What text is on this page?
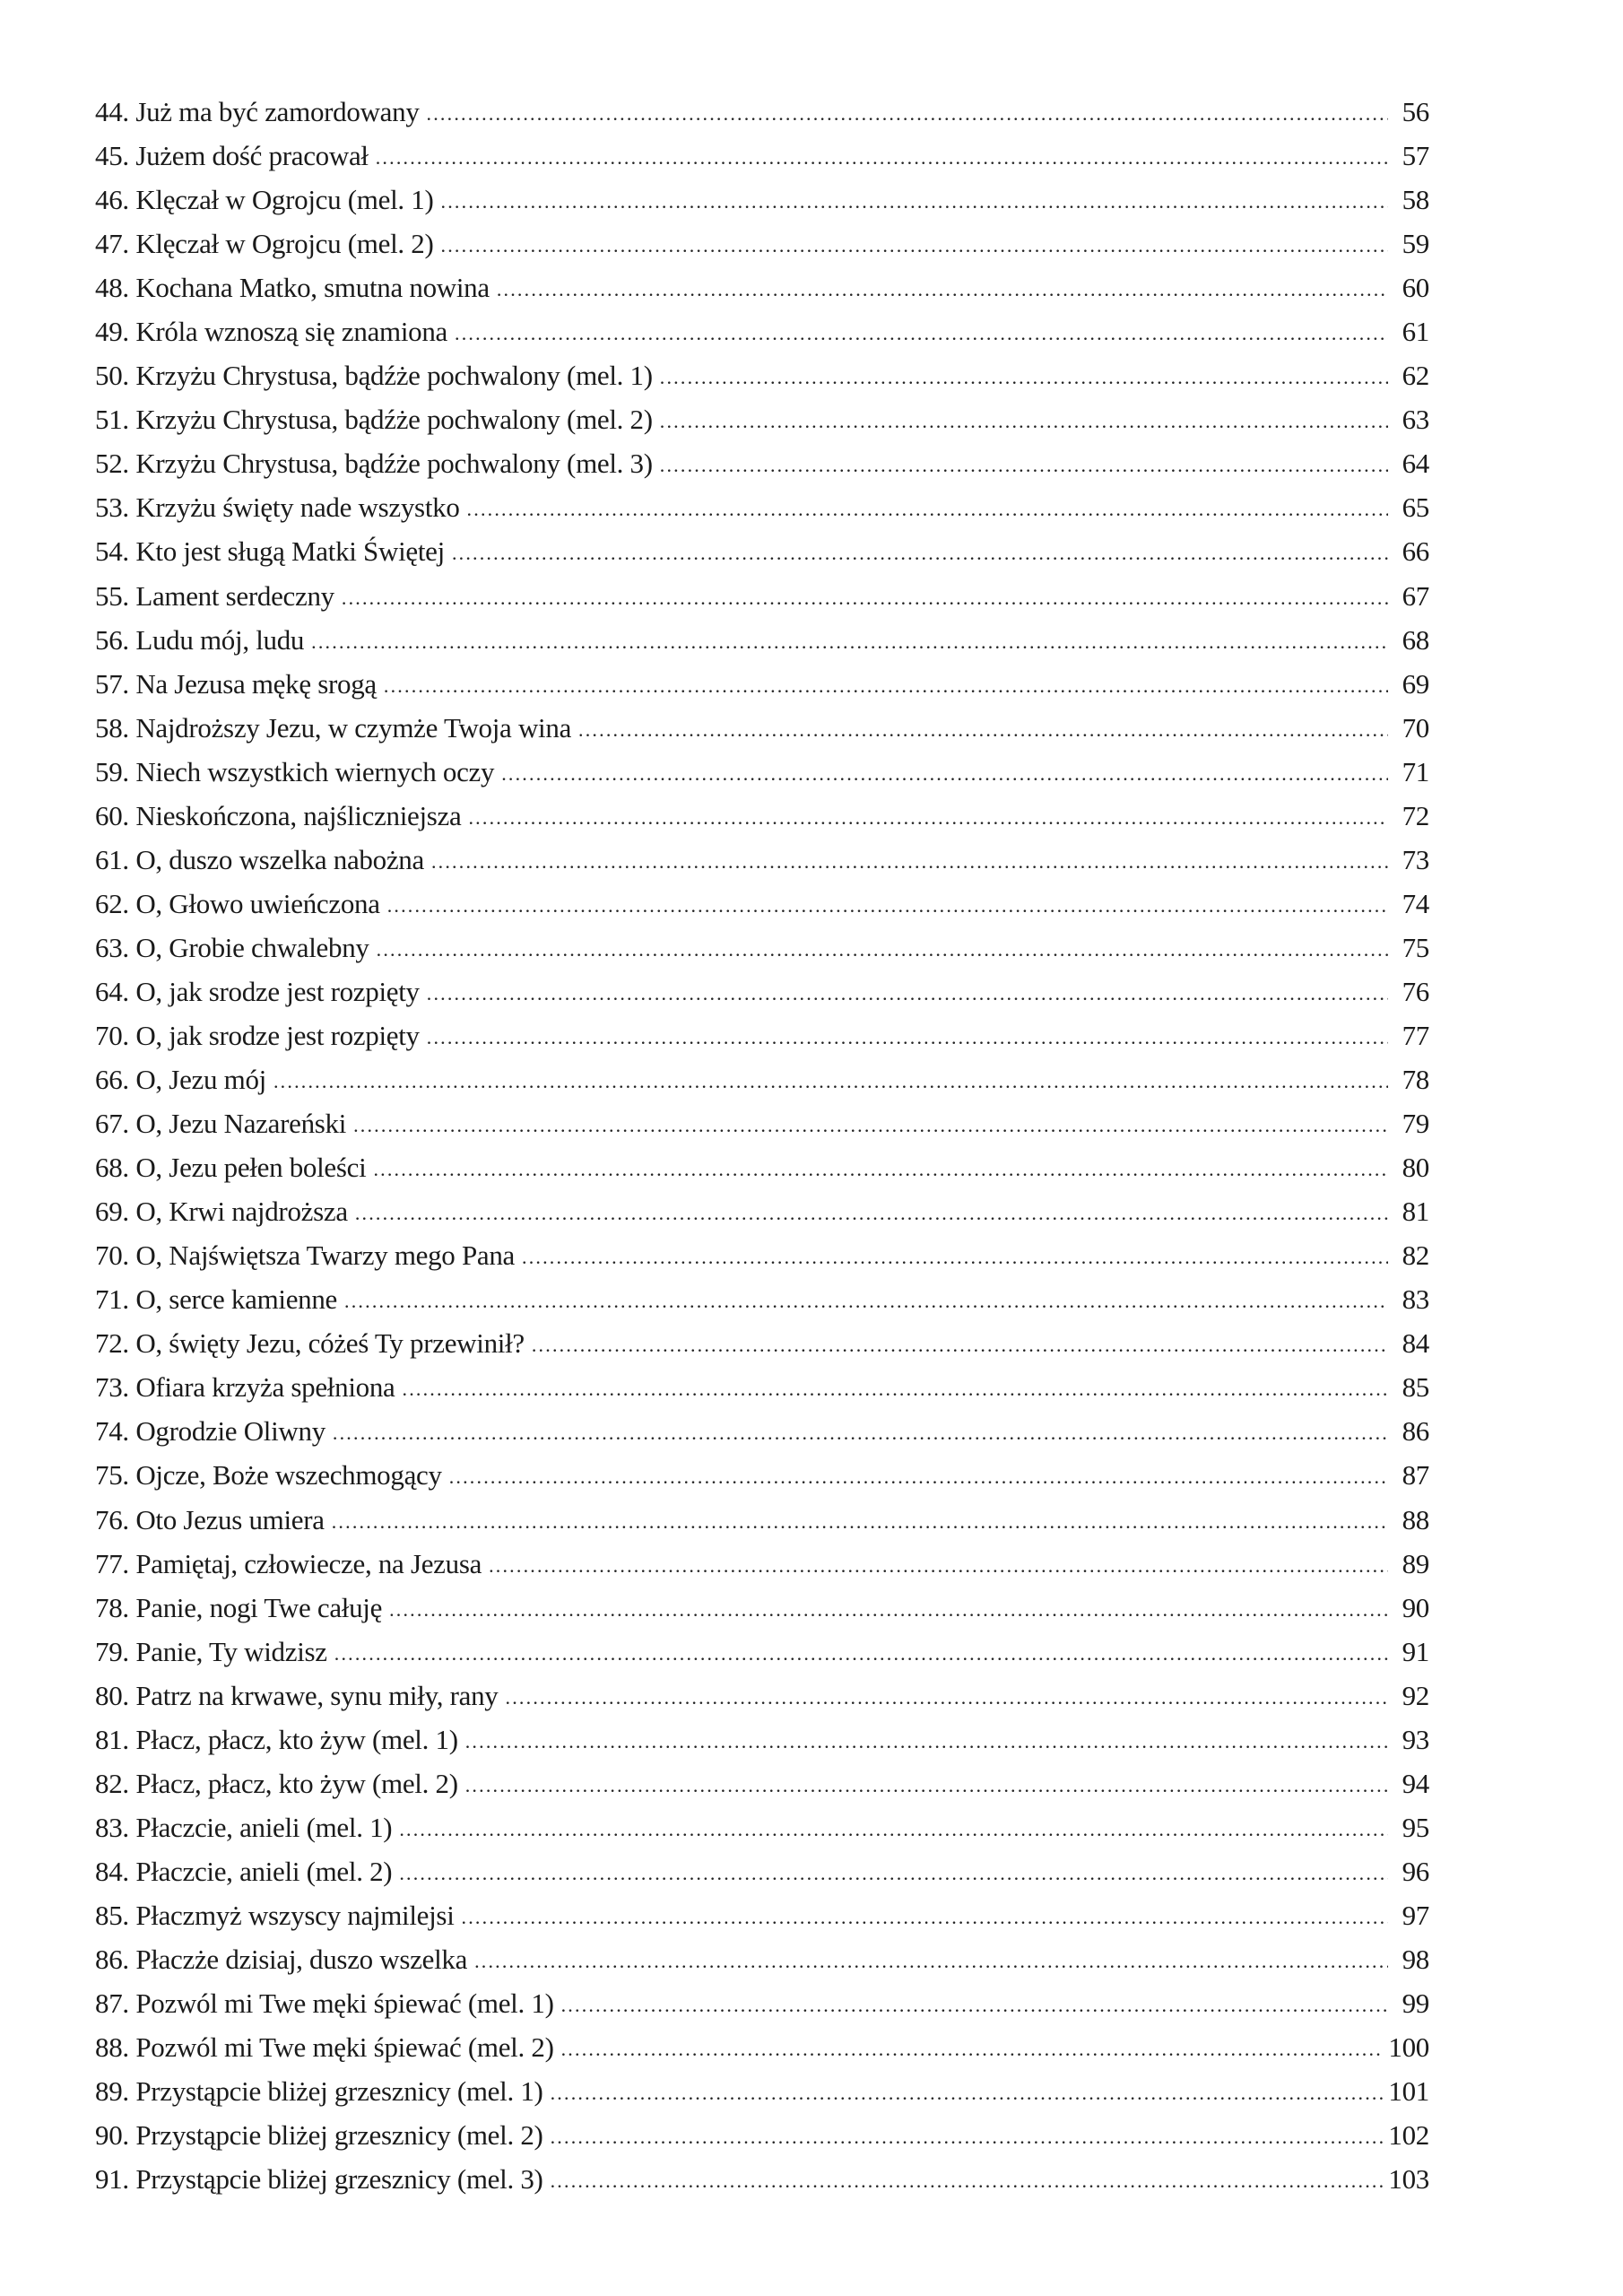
44. Już ma być zamordowany .....	56
45. Jużem dość pracował .....	57
46. Klęczał w Ogrojcu (mel. 1) .....	58
47. Klęczał w Ogrojcu (mel. 2) .....	59
48. Kochana Matko, smutna nowina .....	60
49. Króla wznoszą się znamiona .....	61
50. Krzyżu Chrystusa, bądźże pochwalony (mel. 1) .....	62
51. Krzyżu Chrystusa, bądźże pochwalony (mel. 2) .....	63
52. Krzyżu Chrystusa, bądźże pochwalony (mel. 3) .....	64
53. Krzyżu święty nade wszystko .....	65
54. Kto jest sługą Matki Świętej .....	66
55. Lament serdeczny .....	67
56. Ludu mój, ludu .....	68
57. Na Jezusa mękę srogą .....	69
58. Najdroższy Jezu, w czymże Twoja wina .....	70
59. Niech wszystkich wiernych oczy .....	71
60. Nieskończona, najśliczniejsza .....	72
61. O, duszo wszelka nabożna .....	73
62. O, Głowo uwieńczona .....	74
63. O, Grobie chwalebny .....	75
64. O, jak srodze jest rozpięty .....	76
70. O, jak srodze jest rozpięty .....	77
66. O, Jezu mój .....	78
67. O, Jezu Nazareński .....	79
68. O, Jezu pełen boleści .....	80
69. O, Krwi najdroższa .....	81
70. O, Najświętsza Twarzy mego Pana .....	82
71. O, serce kamienne .....	83
72. O, święty Jezu, cóżeś Ty przewinił? .....	84
73. Ofiara krzyża spełniona .....	85
74. Ogrodzie Oliwny .....	86
75. Ojcze, Boże wszechmogący .....	87
76. Oto Jezus umiera .....	88
77. Pamiętaj, człowiecze, na Jezusa .....	89
78. Panie, nogi Twe całuję .....	90
79. Panie, Ty widzisz .....	91
80. Patrz na krwawe, synu miły, rany .....	92
81. Płacz, płacz, kto żyw (mel. 1) .....	93
82. Płacz, płacz, kto żyw (mel. 2) .....	94
83. Płaczcie, anieli (mel. 1) .....	95
84. Płaczcie, anieli (mel. 2) .....	96
85. Płaczmyż wszyscy najmilejsi .....	97
86. Płaczże dzisiaj, duszo wszelka .....	98
87. Pozwól mi Twe męki śpiewać (mel. 1) .....	99
88. Pozwól mi Twe męki śpiewać (mel. 2) .....	100
89. Przystąpcie bliżej grzesznicy (mel. 1) .....	101
90. Przystąpcie bliżej grzesznicy (mel. 2) .....	102
91. Przystąpcie bliżej grzesznicy (mel. 3) .....	103
